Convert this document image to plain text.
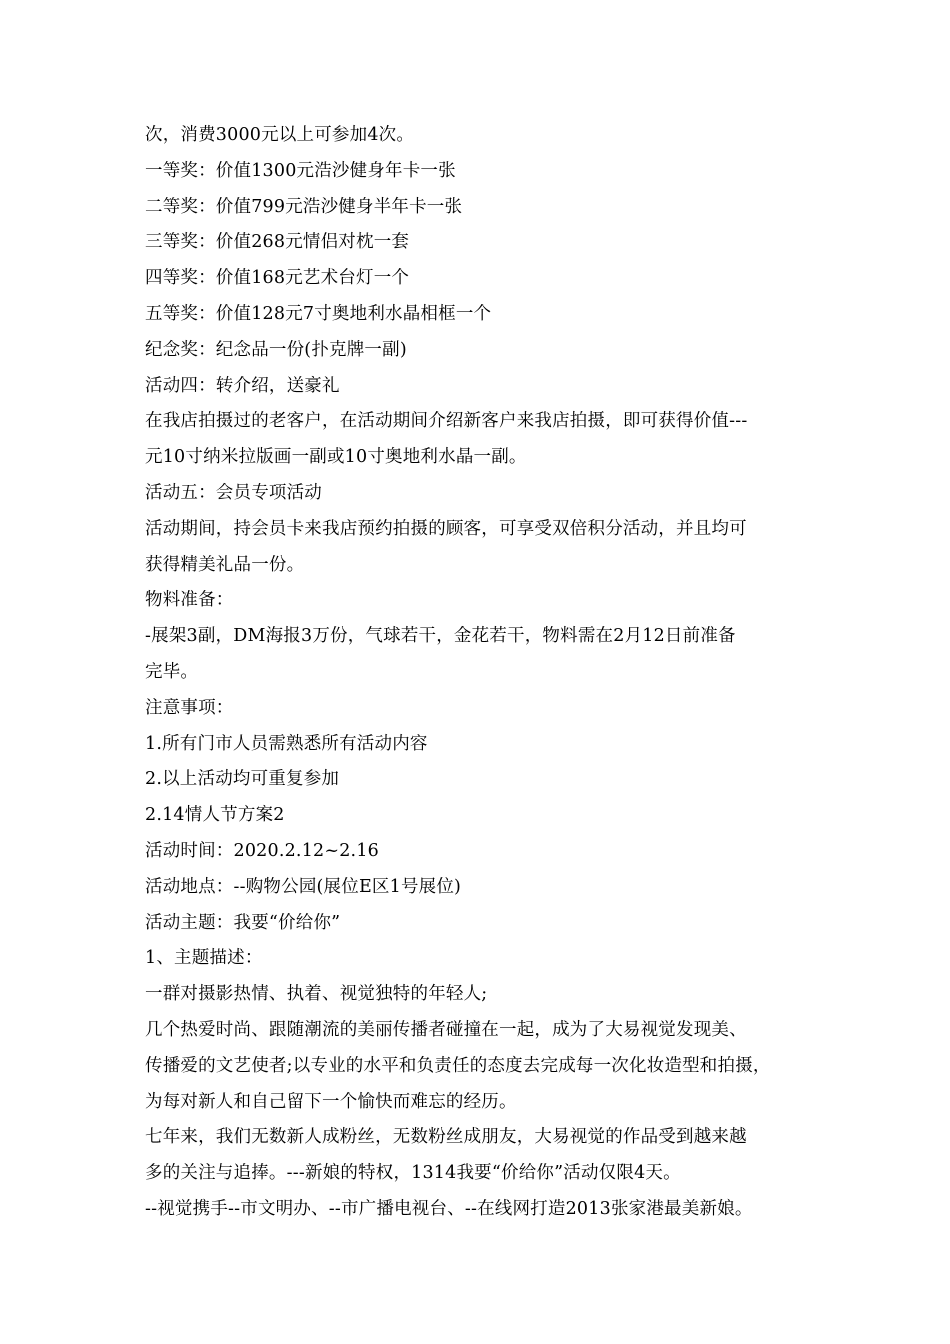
次，消费3000元以上可参加4次。
一等奖：价值1300元浩沙健身年卡一张
二等奖：价值799元浩沙健身半年卡一张
三等奖：价值268元情侣对枕一套
四等奖：价值168元艺术台灯一个
五等奖：价值128元7寸奥地利水晶相框一个
纪念奖：纪念品一份(扑克牌一副)
活动四：转介绍，送豪礼
在我店拍摄过的老客户，在活动期间介绍新客户来我店拍摄，即可获得价值---
元10寸纳米拉版画一副或10寸奥地利水晶一副。
活动五：会员专项活动
活动期间，持会员卡来我店预约拍摄的顾客，可享受双倍积分活动，并且均可
获得精美礼品一份。
物料准备：
-展架3副，DM海报3万份，气球若干，金花若干，物料需在2月12日前准备
完毕。
注意事项：
1.所有门市人员需熟悉所有活动内容
2.以上活动均可重复参加
2.14情人节方案2
活动时间：2020.2.12~2.16
活动地点：--购物公园(展位E区1号展位)
活动主题：我要“价给你”
1、主题描述：
一群对摄影热情、执着、视觉独特的年轻人;
几个热爱时尚、跟随潮流的美丽传播者碰撞在一起，成为了大易视觉发现美、
传播爱的文艺使者;以专业的水平和负责任的态度去完成每一次化妆造型和拍摄，
为每对新人和自己留下一个愉快而难忘的经历。
七年来，我们无数新人成粉丝，无数粉丝成朋友，大易视觉的作品受到越来越
多的关注与追捧。---新娘的特权，1314我要“价给你”活动仅限4天。
--视觉携手--市文明办、--市广播电视台、--在线网打造2013张家港最美新娘。
